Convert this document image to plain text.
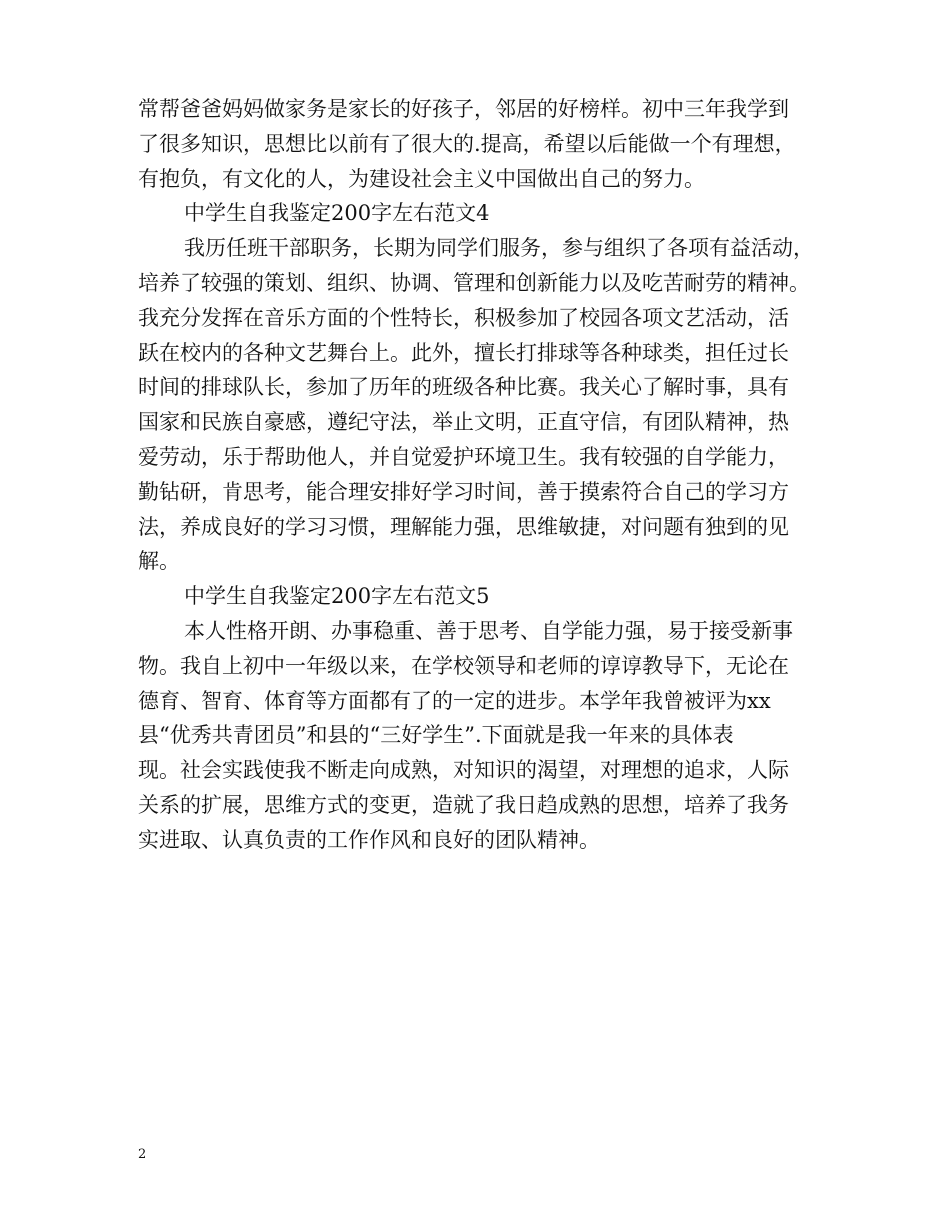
常帮爸爸妈妈做家务是家长的好孩子，邻居的好榜样。初中三年我学到
了很多知识，思想比以前有了很大的.提高，希望以后能做一个有理想，
有抱负，有文化的人，为建设社会主义中国做出自己的努力。
中学生自我鉴定200字左右范文4
我历任班干部职务，长期为同学们服务，参与组织了各项有益活动，
培养了较强的策划、组织、协调、管理和创新能力以及吃苦耐劳的精神。
我充分发挥在音乐方面的个性特长，积极参加了校园各项文艺活动，活
跃在校内的各种文艺舞台上。此外，擅长打排球等各种球类，担任过长
时间的排球队长，参加了历年的班级各种比赛。我关心了解时事，具有
国家和民族自豪感，遵纪守法，举止文明，正直守信，有团队精神，热
爱劳动，乐于帮助他人，并自觉爱护环境卫生。我有较强的自学能力，
勤钻研，肯思考，能合理安排好学习时间，善于摸索符合自己的学习方
法，养成良好的学习习惯，理解能力强，思维敏捷，对问题有独到的见
解。
中学生自我鉴定200字左右范文5
本人性格开朗、办事稳重、善于思考、自学能力强，易于接受新事
物。我自上初中一年级以来，在学校领导和老师的谆谆教导下，无论在
德育、智育、体育等方面都有了的一定的进步。本学年我曾被评为xx
县“优秀共青团员”和县的“三好学生”.下面就是我一年来的具体表
现。社会实践使我不断走向成熟，对知识的渴望，对理想的追求，人际
关系的扩展，思维方式的变更，造就了我日趋成熟的思想，培养了我务
实进取、认真负责的工作作风和良好的团队精神。
2
